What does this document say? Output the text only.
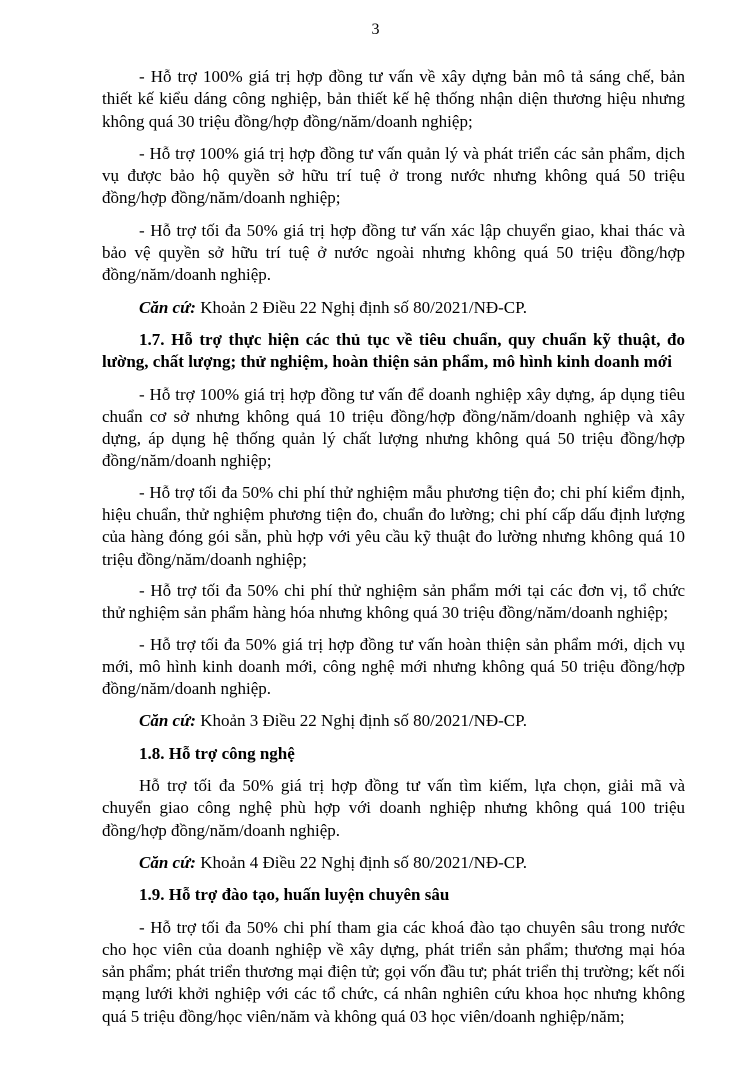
3

- Hỗ trợ 100% giá trị hợp đồng tư vấn về xây dựng bản mô tả sáng chế, bản thiết kế kiểu dáng công nghiệp, bản thiết kế hệ thống nhận diện thương hiệu nhưng không quá 30 triệu đồng/hợp đồng/năm/doanh nghiệp;

- Hỗ trợ 100% giá trị hợp đồng tư vấn quản lý và phát triển các sản phẩm, dịch vụ được bảo hộ quyền sở hữu trí tuệ ở trong nước nhưng không quá 50 triệu đồng/hợp đồng/năm/doanh nghiệp;

- Hỗ trợ tối đa 50% giá trị hợp đồng tư vấn xác lập chuyển giao, khai thác và bảo vệ quyền sở hữu trí tuệ ở nước ngoài nhưng không quá 50 triệu đồng/hợp đồng/năm/doanh nghiệp.

Căn cứ: Khoản 2 Điều 22 Nghị định số 80/2021/NĐ-CP.

1.7. Hỗ trợ thực hiện các thủ tục về tiêu chuẩn, quy chuẩn kỹ thuật, đo lường, chất lượng; thử nghiệm, hoàn thiện sản phẩm, mô hình kinh doanh mới

- Hỗ trợ 100% giá trị hợp đồng tư vấn để doanh nghiệp xây dựng, áp dụng tiêu chuẩn cơ sở nhưng không quá 10 triệu đồng/hợp đồng/năm/doanh nghiệp và xây dựng, áp dụng hệ thống quản lý chất lượng nhưng không quá 50 triệu đồng/hợp đồng/năm/doanh nghiệp;

- Hỗ trợ tối đa 50% chi phí thử nghiệm mẫu phương tiện đo; chi phí kiểm định, hiệu chuẩn, thử nghiệm phương tiện đo, chuẩn đo lường; chi phí cấp dấu định lượng của hàng đóng gói sẵn, phù hợp với yêu cầu kỹ thuật đo lường nhưng không quá 10 triệu đồng/năm/doanh nghiệp;

- Hỗ trợ tối đa 50% chi phí thử nghiệm sản phẩm mới tại các đơn vị, tổ chức thử nghiệm sản phẩm hàng hóa nhưng không quá 30 triệu đồng/năm/doanh nghiệp;

- Hỗ trợ tối đa 50% giá trị hợp đồng tư vấn hoàn thiện sản phẩm mới, dịch vụ mới, mô hình kinh doanh mới, công nghệ mới nhưng không quá 50 triệu đồng/hợp đồng/năm/doanh nghiệp.

Căn cứ: Khoản 3 Điều 22 Nghị định số 80/2021/NĐ-CP.

1.8. Hỗ trợ công nghệ

Hỗ trợ tối đa 50% giá trị hợp đồng tư vấn tìm kiếm, lựa chọn, giải mã và chuyển giao công nghệ phù hợp với doanh nghiệp nhưng không quá 100 triệu đồng/hợp đồng/năm/doanh nghiệp.

Căn cứ: Khoản 4 Điều 22 Nghị định số 80/2021/NĐ-CP.

1.9. Hỗ trợ đào tạo, huấn luyện chuyên sâu

- Hỗ trợ tối đa 50% chi phí tham gia các khoá đào tạo chuyên sâu trong nước cho học viên của doanh nghiệp về xây dựng, phát triển sản phẩm; thương mại hóa sản phẩm; phát triển thương mại điện tử; gọi vốn đầu tư; phát triển thị trường; kết nối mạng lưới khởi nghiệp với các tổ chức, cá nhân nghiên cứu khoa học nhưng không quá 5 triệu đồng/học viên/năm và không quá 03 học viên/doanh nghiệp/năm;
